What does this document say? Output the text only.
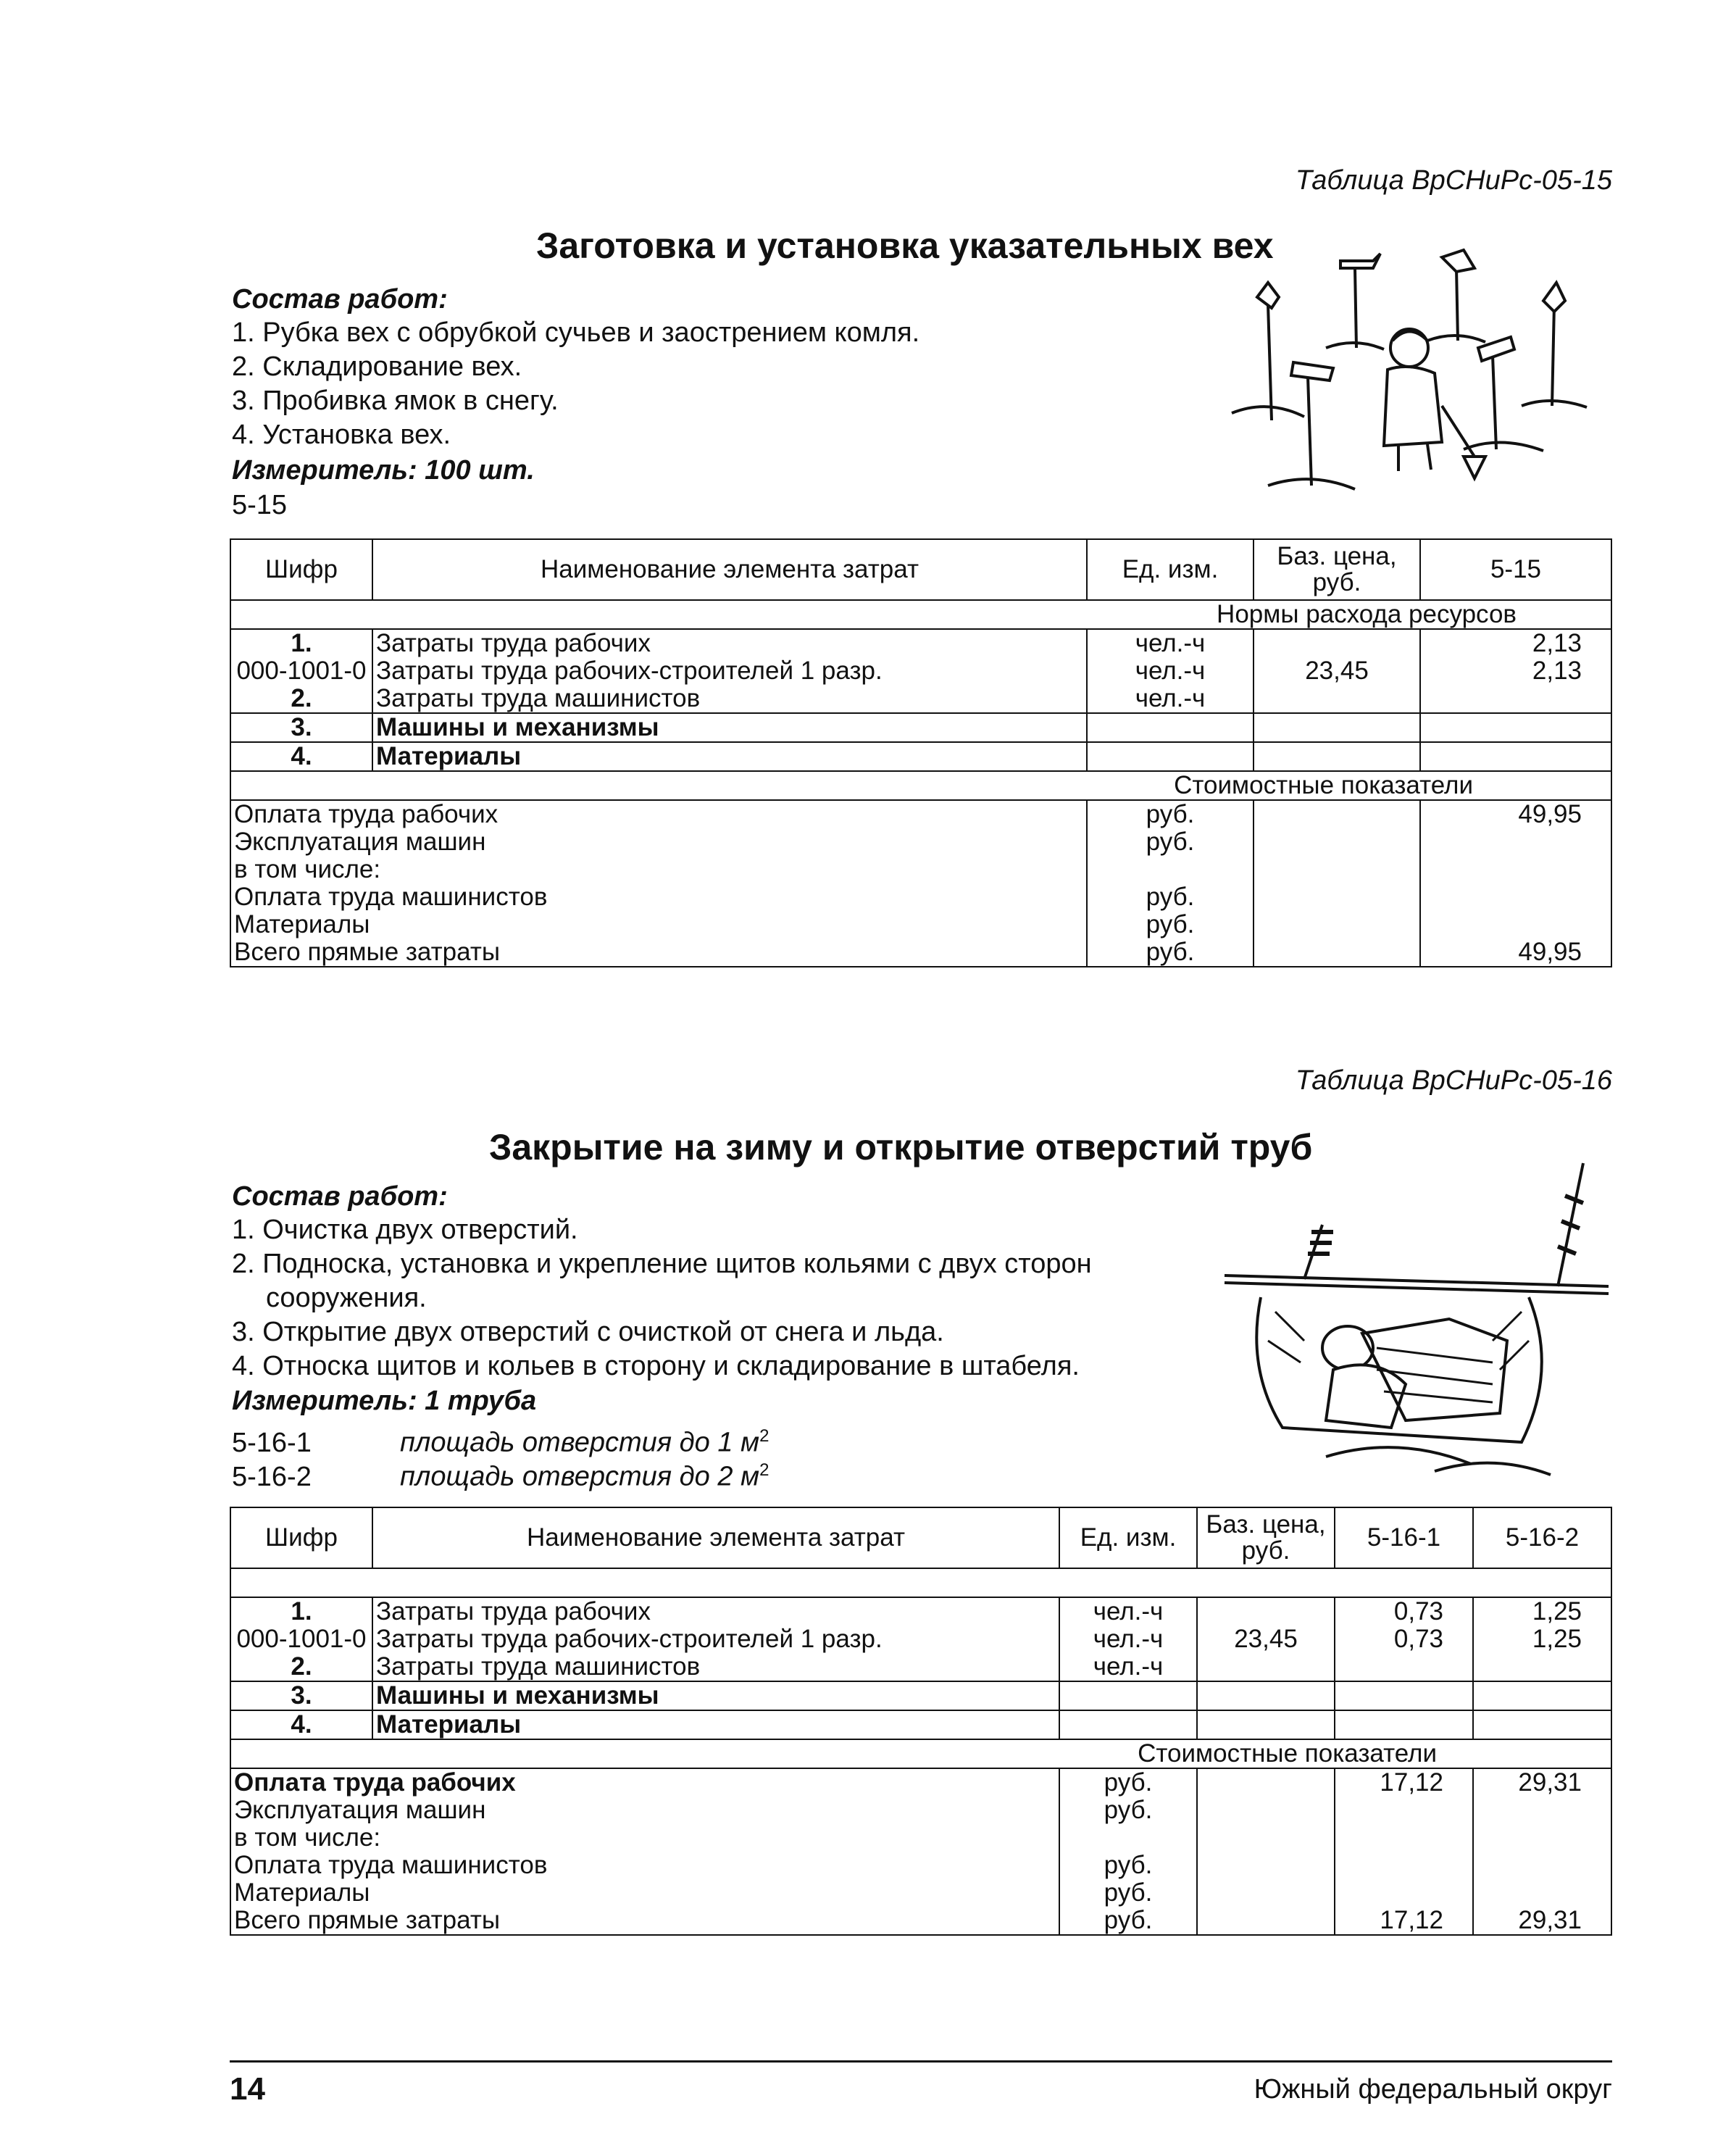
Таблица ВрСНиРс-05-15
Заготовка и установка указательных вех
Состав работ:
1. Рубка вех с обрубкой сучьев и заострением комля.
2. Складирование вех.
3. Пробивка ямок в снегу.
4. Установка вех.
Измеритель: 100 шт.
5-15
Шифр	Наименование элемента затрат	Ед. изм.	Баз. цена, руб.	5-15
Нормы расхода ресурсов				
1.	Затраты труда рабочих	чел.-ч		2,13
000-1001-0	Затраты труда рабочих-строителей 1 разр.	чел.-ч	23,45	2,13
2.	Затраты труда машинистов	чел.-ч		
3.	Машины и механизмы			
4.	Материалы			
Стоимостные показатели				
Оплата труда рабочих		руб.		49,95
Эксплуатация машин		руб.		
в том числе:				
Оплата труда машинистов		руб.		
Материалы		руб.		
Всего прямые затраты		руб.		49,95
Таблица ВрСНиРс-05-16
Закрытие на зиму и открытие отверстий труб
Состав работ:
1. Очистка двух отверстий.
2. Подноска, установка и укрепление щитов кольями с двух сторон
сооружения.
3. Открытие двух отверстий с очисткой от снега и льда.
4. Относка щитов и кольев в сторону и складирование в штабеля.
Измеритель: 1 труба
5-16-1	площадь отверстия до 1 $м^2$
5-16-2	площадь отверстия до 2 $м^2$
Шифр	Наименование элемента затрат	Ед. изм.	Баз. цена, руб.	5-16-1	5-16-2

1.	Затраты труда рабочих	чел.-ч		0,73	1,25
000-1001-0	Затраты труда рабочих-строителей 1 разр.	чел.-ч	23,45	0,73	1,25
2.	Затраты труда машинистов	чел.-ч			
3.	Машины и механизмы				
4.	Материалы				
Стоимостные показатели					
Оплата труда рабочих		руб.		17,12	29,31
Эксплуатация машин		руб.			
в том числе:					
Оплата труда машинистов		руб.			
Материалы		руб.			
Всего прямые затраты		руб.		17,12	29,31
14	Южный федеральный округ
